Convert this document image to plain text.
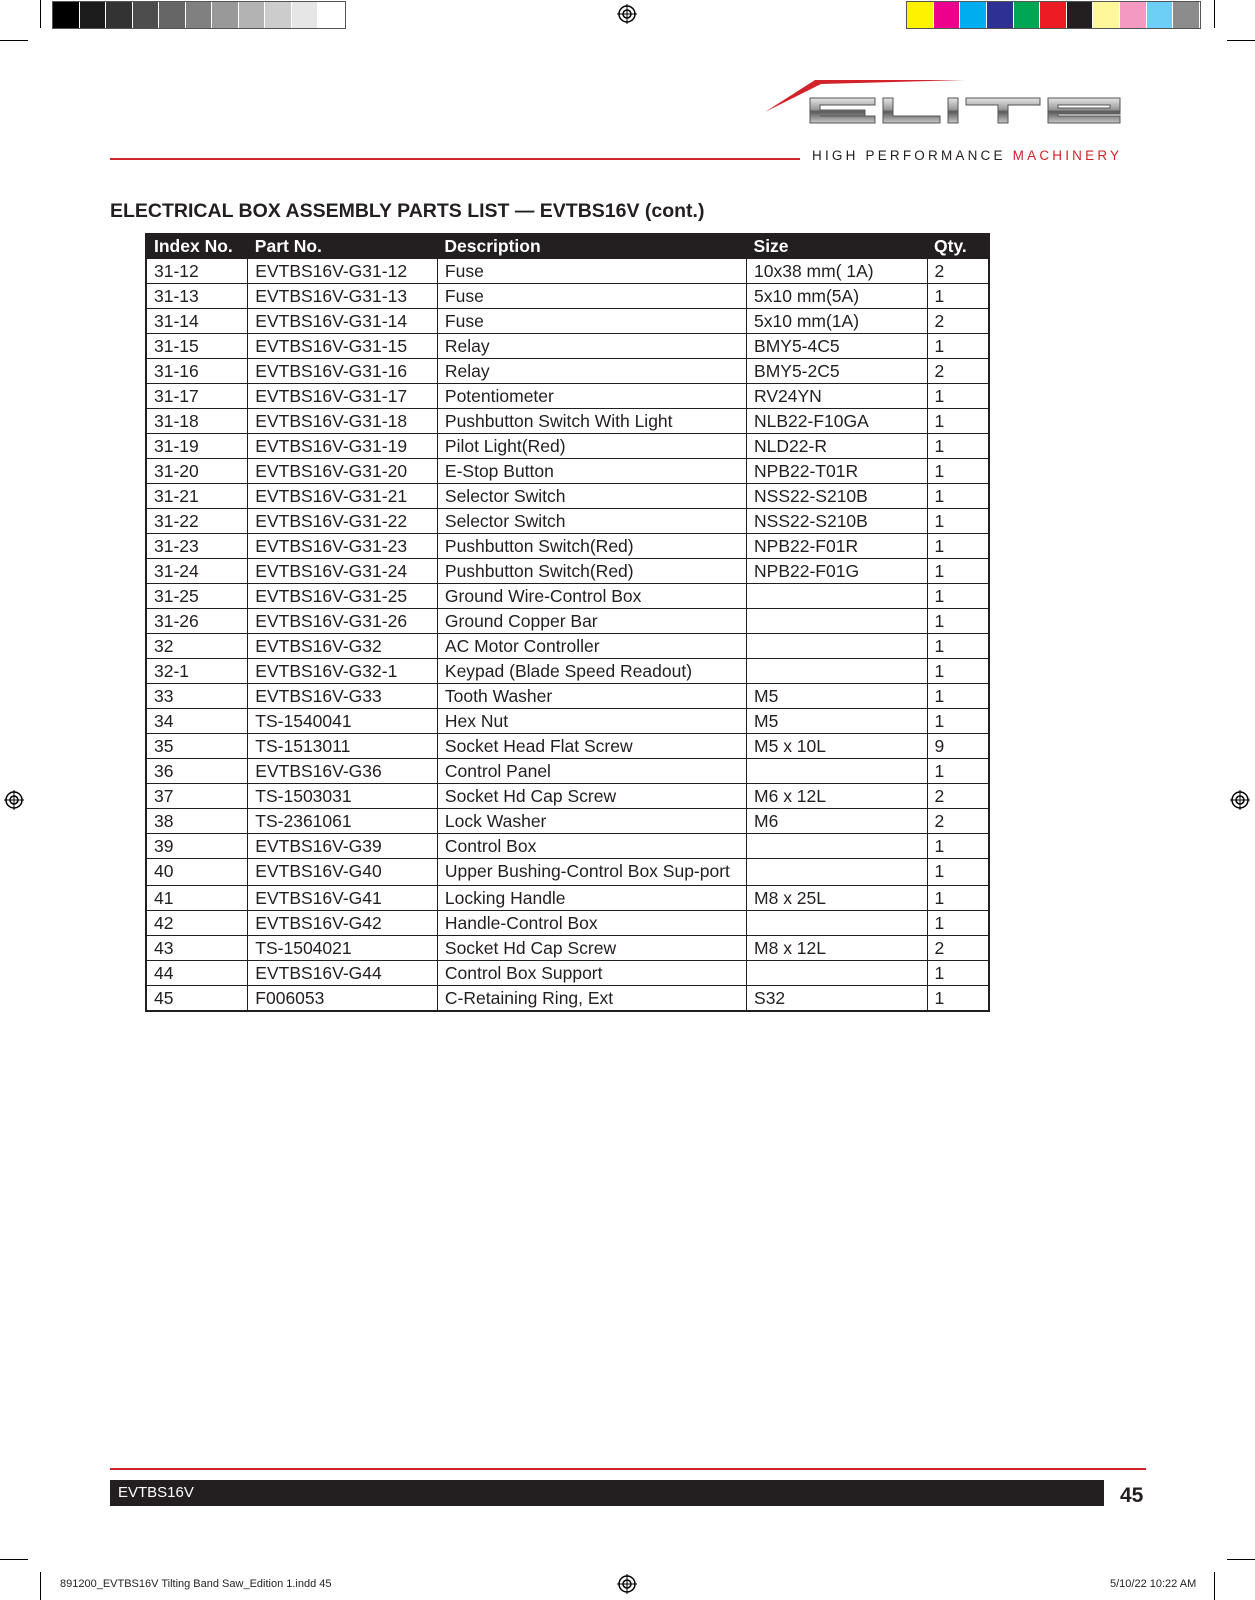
ELITE
HIGH PERFORMANCE MACHINERY
ELECTRICAL BOX ASSEMBLY PARTS LIST — EVTBS16V (cont.)
Index No.	Part No.	Description	Size	Qty.
31-12	EVTBS16V-G31-12	Fuse	10x38 mm( 1A)	2
31-13	EVTBS16V-G31-13	Fuse	5x10 mm(5A)	1
31-14	EVTBS16V-G31-14	Fuse	5x10 mm(1A)	2
31-15	EVTBS16V-G31-15	Relay	BMY5-4C5	1
31-16	EVTBS16V-G31-16	Relay	BMY5-2C5	2
31-17	EVTBS16V-G31-17	Potentiometer	RV24YN	1
31-18	EVTBS16V-G31-18	Pushbutton Switch With Light	NLB22-F10GA	1
31-19	EVTBS16V-G31-19	Pilot Light(Red)	NLD22-R	1
31-20	EVTBS16V-G31-20	E-Stop Button	NPB22-T01R	1
31-21	EVTBS16V-G31-21	Selector Switch	NSS22-S210B	1
31-22	EVTBS16V-G31-22	Selector Switch	NSS22-S210B	1
31-23	EVTBS16V-G31-23	Pushbutton Switch(Red)	NPB22-F01R	1
31-24	EVTBS16V-G31-24	Pushbutton Switch(Red)	NPB22-F01G	1
31-25	EVTBS16V-G31-25	Ground Wire-Control Box		1
31-26	EVTBS16V-G31-26	Ground Copper Bar		1
32	EVTBS16V-G32	AC Motor Controller		1
32-1	EVTBS16V-G32-1	Keypad (Blade Speed Readout)		1
33	EVTBS16V-G33	Tooth Washer	M5	1
34	TS-1540041	Hex Nut	M5	1
35	TS-1513011	Socket Head Flat Screw	M5 x 10L	9
36	EVTBS16V-G36	Control Panel		1
37	TS-1503031	Socket Hd Cap Screw	M6 x 12L	2
38	TS-2361061	Lock Washer	M6	2
39	EVTBS16V-G39	Control Box		1
40	EVTBS16V-G40	Upper Bushing-Control Box Sup-port		1
41	EVTBS16V-G41	Locking Handle	M8 x 25L	1
42	EVTBS16V-G42	Handle-Control Box		1
43	TS-1504021	Socket Hd Cap Screw	M8 x 12L	2
44	EVTBS16V-G44	Control Box Support		1
45	F006053	C-Retaining Ring, Ext	S32	1
EVTBS16V	45
891200_EVTBS16V Tilting Band Saw_Edition 1.indd 45	5/10/22 10:22 AM
